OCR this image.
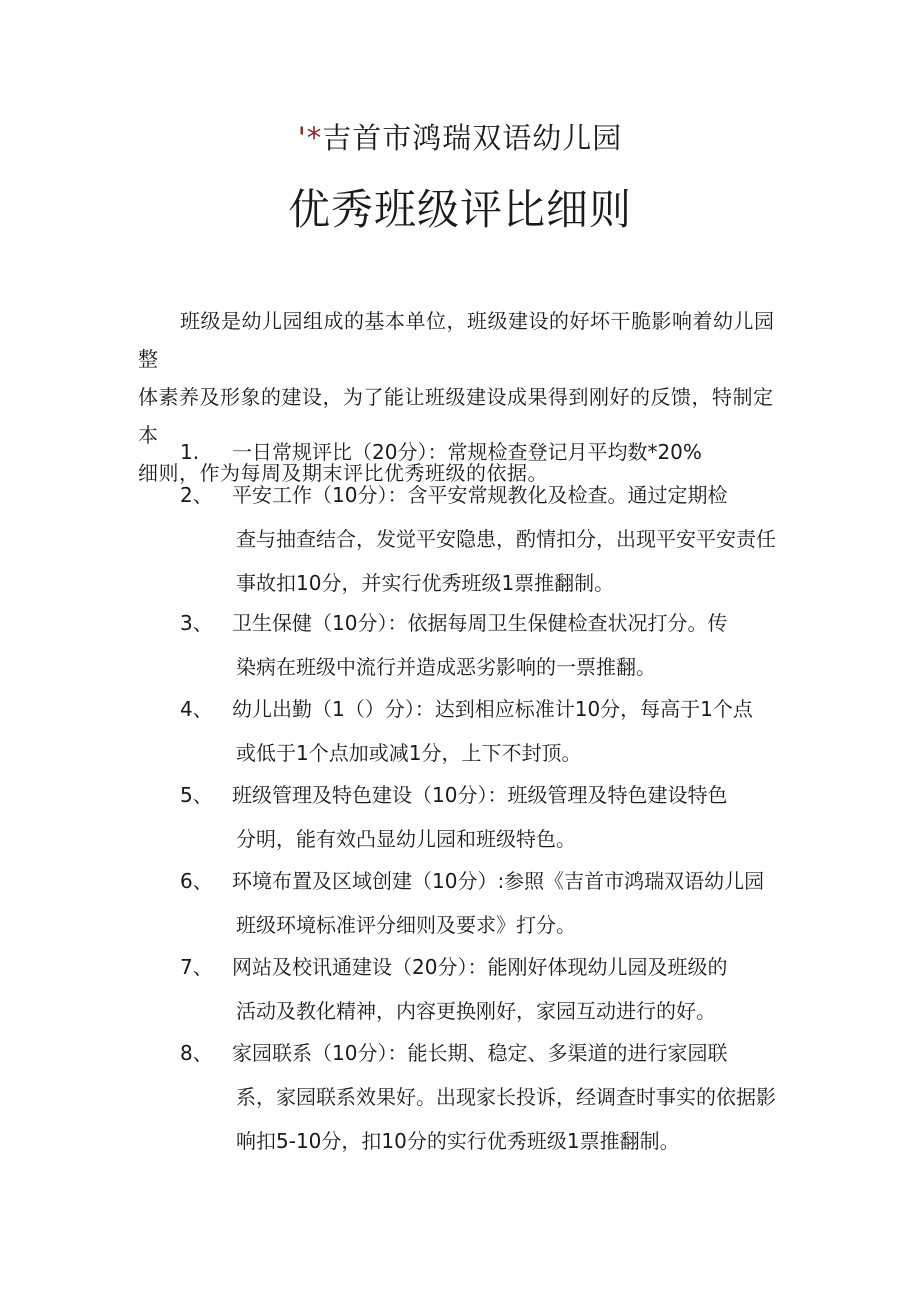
'*吉首市鸿瑞双语幼儿园
优秀班级评比细则
班级是幼儿园组成的基本单位，班级建设的好坏干脆影响着幼儿园整
体素养及形象的建设，为了能让班级建设成果得到刚好的反馈，特制定本
细则，作为每周及期末评比优秀班级的依据。
1.	一日常规评比（20分）：常规检查登记月平均数*20%
2、 平安工作（10分）：含平安常规教化及检查。通过定期检
查与抽查结合，发觉平安隐患，酌情扣分，出现平安平安责任
事故扣10分，并实行优秀班级1票推翻制。
3、 卫生保健（10分）：依据每周卫生保健检查状况打分。传
染病在班级中流行并造成恶劣影响的一票推翻。
4、 幼儿出勤（1（）分）：达到相应标准计10分，每高于1个点
或低于1个点加或减1分，上下不封顶。
5、 班级管理及特色建设（10分）：班级管理及特色建设特色
分明，能有效凸显幼儿园和班级特色。
6、 环境布置及区域创建（10分）:参照《吉首市鸿瑞双语幼儿园
班级环境标准评分细则及要求》打分。
7、 网站及校讯通建设（20分）：能刚好体现幼儿园及班级的
活动及教化精神，内容更换刚好，家园互动进行的好。
8、 家园联系（10分）：能长期、稳定、多渠道的进行家园联
系，家园联系效果好。出现家长投诉，经调查时事实的依据影
响扣5-10分，扣10分的实行优秀班级1票推翻制。
